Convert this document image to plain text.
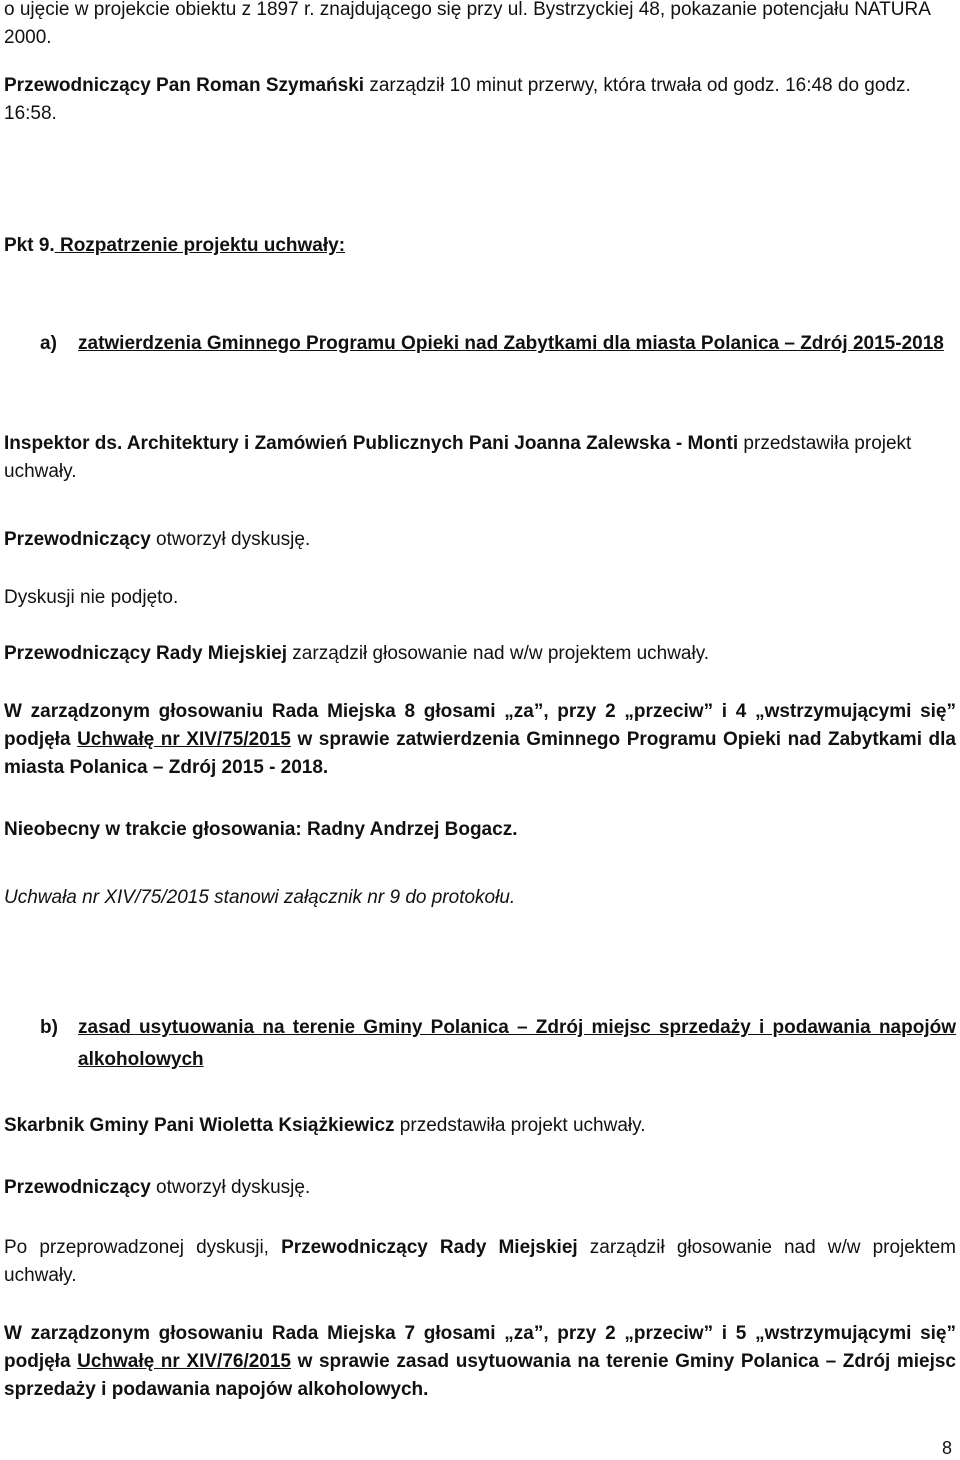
o ujęcie w projekcie obiektu z 1897 r. znajdującego się przy ul. Bystrzyckiej 48, pokazanie potencjału NATURA 2000.

Przewodniczący Pan Roman Szymański zarządził 10 minut przerwy, która trwała od godz. 16:48 do godz. 16:58.

Pkt 9. Rozpatrzenie projektu uchwały:

a) zatwierdzenia Gminnego Programu Opieki nad Zabytkami dla miasta Polanica – Zdrój 2015-2018

Inspektor ds. Architektury i Zamówień Publicznych Pani Joanna Zalewska - Monti przedstawiła projekt uchwały.

Przewodniczący otworzył dyskusję.

Dyskusji nie podjęto.

Przewodniczący Rady Miejskiej zarządził głosowanie nad w/w projektem uchwały.

W zarządzonym głosowaniu Rada Miejska 8 głosami „za”, przy 2 „przeciw” i 4 „wstrzymującymi się” podjęła Uchwałę nr XIV/75/2015 w sprawie zatwierdzenia Gminnego Programu Opieki nad Zabytkami dla miasta Polanica – Zdrój 2015 - 2018.

Nieobecny w trakcie głosowania: Radny Andrzej Bogacz.

Uchwała nr XIV/75/2015 stanowi załącznik nr 9 do protokołu.

b) zasad usytuowania na terenie Gminy Polanica – Zdrój miejsc sprzedaży i podawania napojów alkoholowych

Skarbnik Gminy Pani Wioletta Książkiewicz przedstawiła projekt uchwały.

Przewodniczący otworzył dyskusję.

Po przeprowadzonej dyskusji, Przewodniczący Rady Miejskiej zarządził głosowanie nad w/w projektem uchwały.

W zarządzonym głosowaniu Rada Miejska 7 głosami „za”, przy 2 „przeciw” i 5 „wstrzymującymi się” podjęła Uchwałę nr XIV/76/2015 w sprawie zasad usytuowania na terenie Gminy Polanica – Zdrój miejsc sprzedaży i podawania napojów alkoholowych.

8
